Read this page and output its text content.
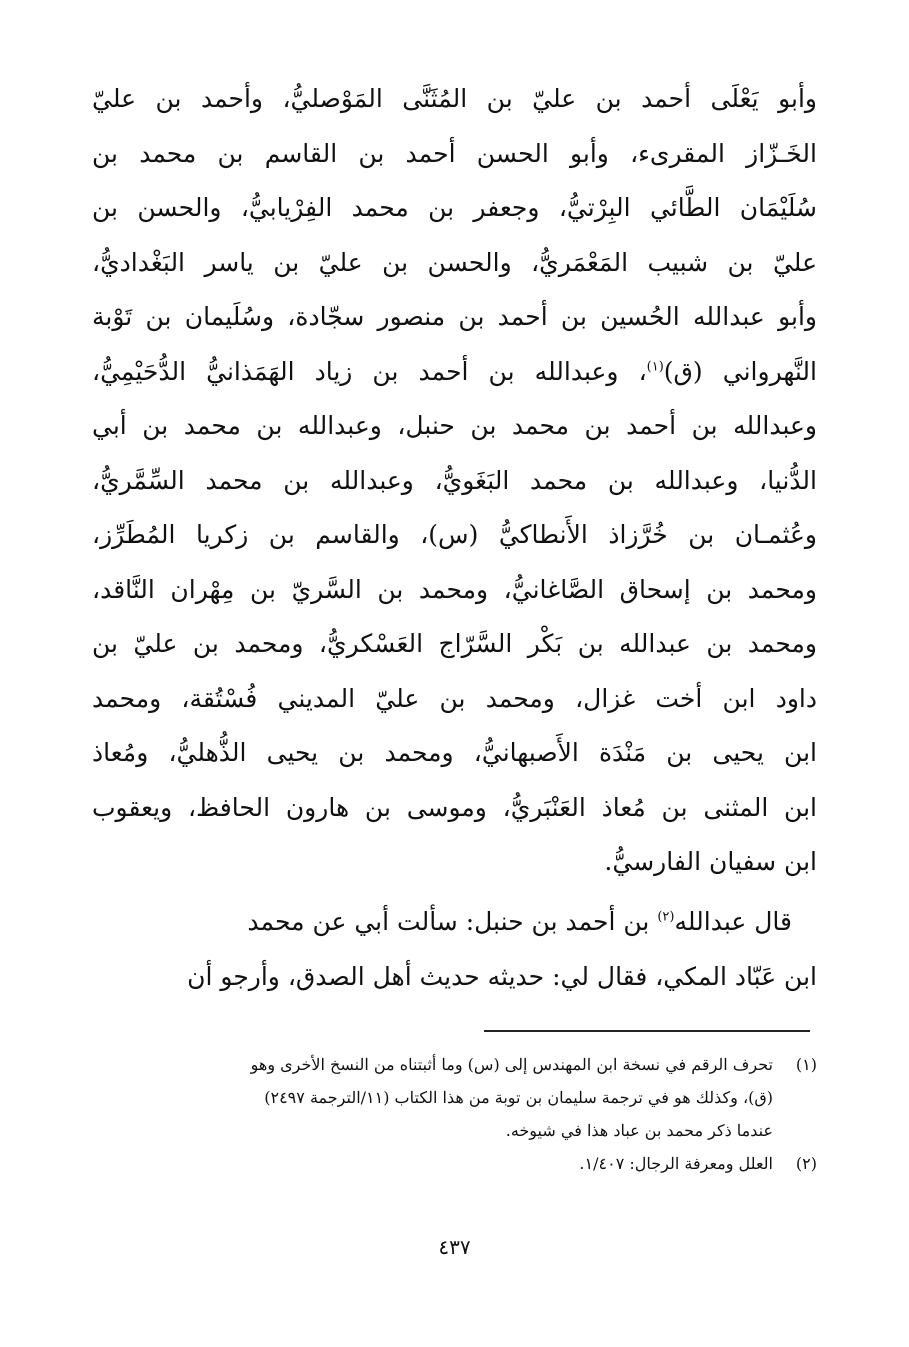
وأبو يَعْلَى أحمد بن عليّ بن المُثَنَّى المَوْصليُّ، وأحمد بن عليّ
الخَـزّاز المقرىء، وأبو الحسن أحمد بن القاسم بن محمد بن
سُلَيْمَان الطَّائي البِرْتيُّ، وجعفر بن محمد الفِرْيابيُّ، والحسن بن
عليّ بن شبيب المَعْمَريُّ، والحسن بن عليّ بن ياسر البَغْداديُّ،
وأبو عبدالله الحُسين بن أحمد بن منصور سجّادة، وسُلَيمان بن تَوْبة
النَّهرواني (ق)$^{(١)}$، وعبدالله بن أحمد بن زياد الهَمَذانيُّ الدُّحَيْمِيُّ،
وعبدالله بن أحمد بن محمد بن حنبل، وعبدالله بن محمد بن أبي
الدُّنيا، وعبدالله بن محمد البَغَويُّ، وعبدالله بن محمد السِّمَّريُّ،
وعُثمـان بن خُرَّزاذ الأَنطاكيُّ (س)، والقاسم بن زكريا المُطَرِّز،
ومحمد بن إسحاق الصَّاغانيُّ، ومحمد بن السَّريّ بن مِهْران النَّاقد،
ومحمد بن عبدالله بن بَكْر السَّرّاج العَسْكريُّ، ومحمد بن عليّ بن
داود ابن أخت غزال، ومحمد بن عليّ المديني فُسْتُقة، ومحمد
ابن يحيى بن مَنْدَة الأَصبهانيُّ، ومحمد بن يحيى الذُّهليُّ، ومُعاذ
ابن المثنى بن مُعاذ العَنْبَريُّ، وموسى بن هارون الحافظ، ويعقوب
ابن سفيان الفارسيُّ.
 قال عبدالله$^{(٢)}$ بن أحمد بن حنبل: سألت أبي عن محمد
ابن عَبّاد المكي، فقال لي: حديثه حديث أهل الصدق، وأرجو أن
(١)
تحرف الرقم في نسخة ابن المهندس إلى (س) وما أثبتناه من النسخ الأخرى وهو
(ق)، وكذلك هو في ترجمة سليمان بن توبة من هذا الكتاب (١١/الترجمة ٢٤٩٧)
عندما ذكر محمد بن عباد هذا في شيوخه.
(٢)
العلل ومعرفة الرجال: ١/٤٠٧.
٤٣٧
